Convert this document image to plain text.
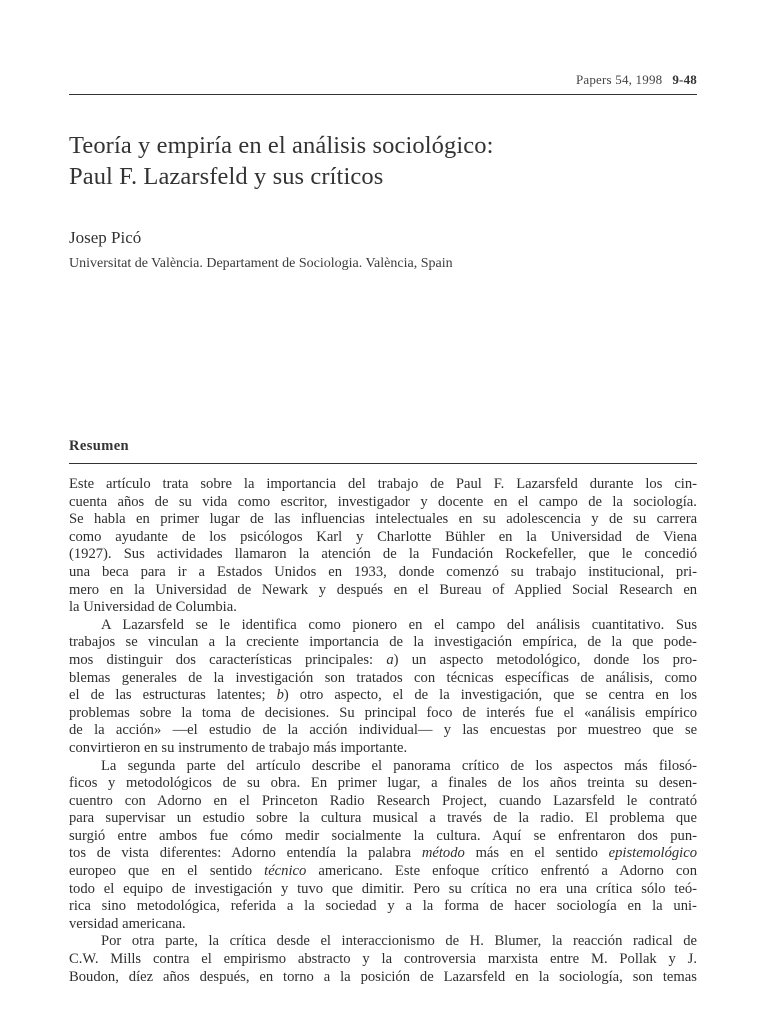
Papers 54, 1998 9-48
Teoría y empiría en el análisis sociológico:
Paul F. Lazarsfeld y sus críticos
Josep Picó
Universitat de València. Departament de Sociologia. València, Spain
Resumen
Este artículo trata sobre la importancia del trabajo de Paul F. Lazarsfeld durante los cin-
cuenta años de su vida como escritor, investigador y docente en el campo de la sociología.
Se habla en primer lugar de las influencias intelectuales en su adolescencia y de su carrera
como ayudante de los psicólogos Karl y Charlotte Bühler en la Universidad de Viena
(1927). Sus actividades llamaron la atención de la Fundación Rockefeller, que le concedió
una beca para ir a Estados Unidos en 1933, donde comenzó su trabajo institucional, pri-
mero en la Universidad de Newark y después en el Bureau of Applied Social Research en
la Universidad de Columbia.
A Lazarsfeld se le identifica como pionero en el campo del análisis cuantitativo. Sus
trabajos se vinculan a la creciente importancia de la investigación empírica, de la que pode-
mos distinguir dos características principales: a) un aspecto metodológico, donde los pro-
blemas generales de la investigación son tratados con técnicas específicas de análisis, como
el de las estructuras latentes; b) otro aspecto, el de la investigación, que se centra en los
problemas sobre la toma de decisiones. Su principal foco de interés fue el «análisis empírico
de la acción» —el estudio de la acción individual— y las encuestas por muestreo que se
convirtieron en su instrumento de trabajo más importante.
La segunda parte del artículo describe el panorama crítico de los aspectos más filosó-
ficos y metodológicos de su obra. En primer lugar, a finales de los años treinta su desen-
cuentro con Adorno en el Princeton Radio Research Project, cuando Lazarsfeld le contrató
para supervisar un estudio sobre la cultura musical a través de la radio. El problema que
surgió entre ambos fue cómo medir socialmente la cultura. Aquí se enfrentaron dos pun-
tos de vista diferentes: Adorno entendía la palabra método más en el sentido epistemológico
europeo que en el sentido técnico americano. Este enfoque crítico enfrentó a Adorno con
todo el equipo de investigación y tuvo que dimitir. Pero su crítica no era una crítica sólo teó-
rica sino metodológica, referida a la sociedad y a la forma de hacer sociología en la uni-
versidad americana.
Por otra parte, la crítica desde el interaccionismo de H. Blumer, la reacción radical de
C.W. Mills contra el empirismo abstracto y la controversia marxista entre M. Pollak y J.
Boudon, díez años después, en torno a la posición de Lazarsfeld en la sociología, son temas
